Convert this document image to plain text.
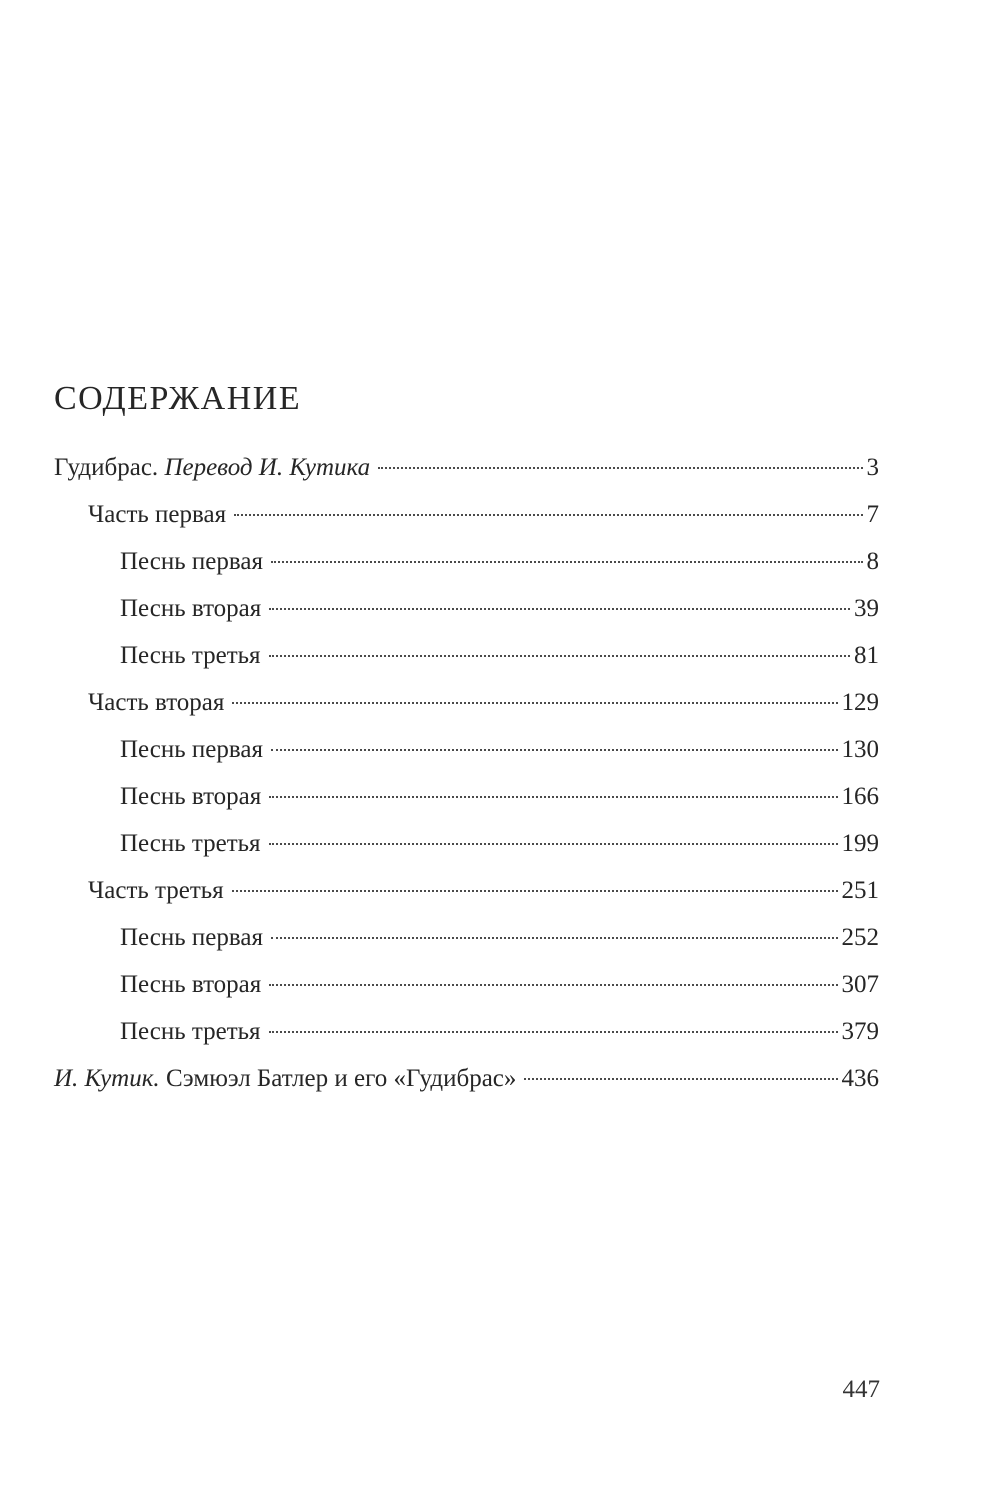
СОДЕРЖАНИЕ
Гудибрас. Перевод И. Кутика	3
Часть первая	7
Песнь первая	8
Песнь вторая	39
Песнь третья	81
Часть вторая	129
Песнь первая	130
Песнь вторая	166
Песнь третья	199
Часть третья	251
Песнь первая	252
Песнь вторая	307
Песнь третья	379
И. Кутик. Сэмюэл Батлер и его «Гудибрас»	436
447
